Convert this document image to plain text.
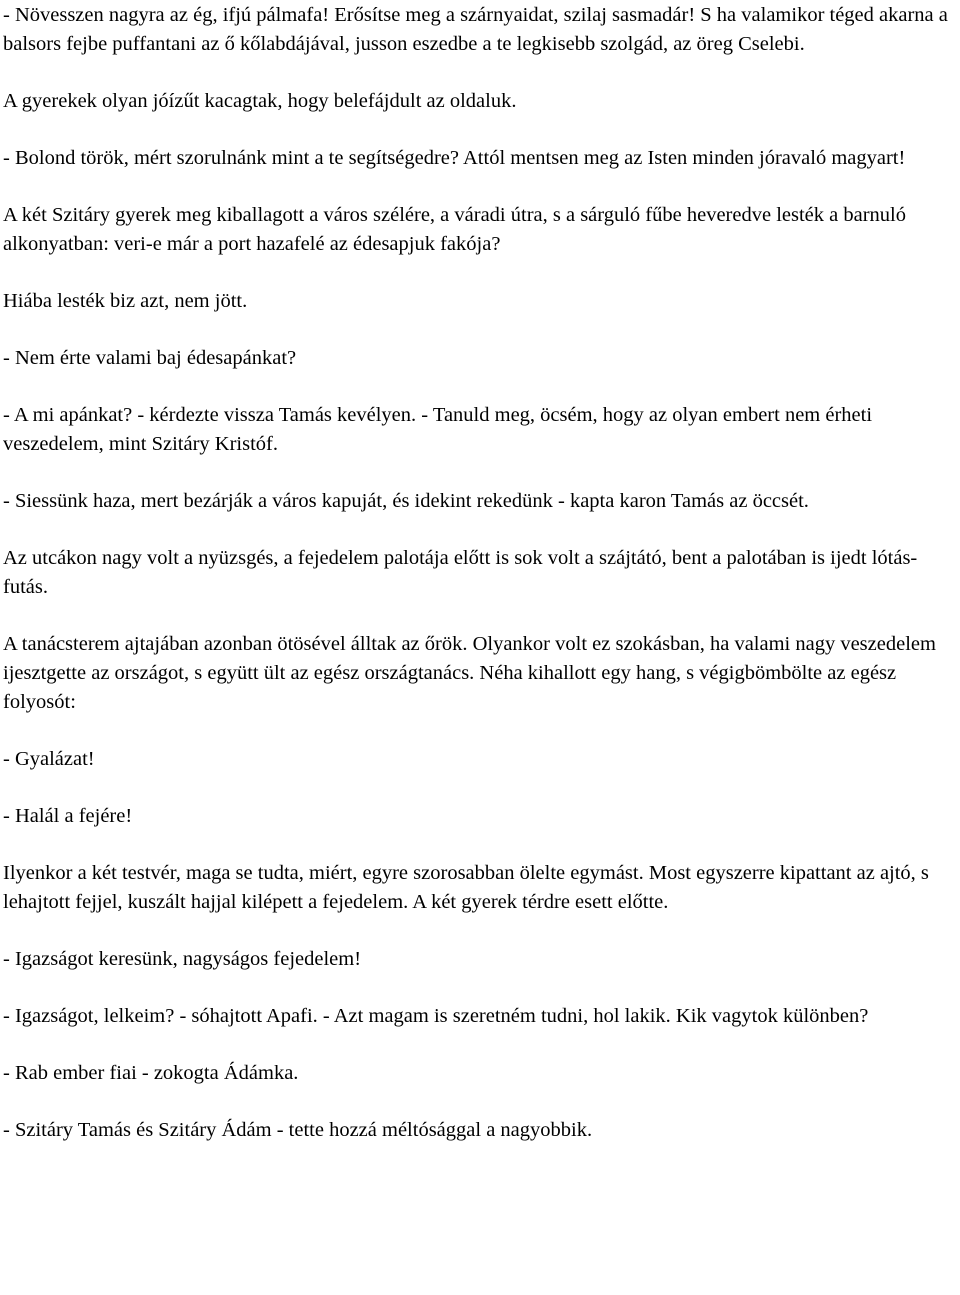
- Növesszen nagyra az ég, ifjú pálmafa! Erősítse meg a szárnyaidat, szilaj sasmadár! S ha valamikor téged akarna a balsors fejbe puffantani az ő kőlabdájával, jusson eszedbe a te legkisebb szolgád, az öreg Cselebi.

A gyerekek olyan jóízűt kacagtak, hogy belefájdult az oldaluk.

- Bolond török, mért szorulnánk mint a te segítségedre? Attól mentsen meg az Isten minden jóravaló magyart!

A két Szitáry gyerek meg kiballagott a város szélére, a váradi útra, s a sárguló fűbe heveredve lesték a barnuló alkonyatban: veri-e már a port hazafelé az édesapjuk fakója?

Hiába lesték biz azt, nem jött.

- Nem érte valami baj édesapánkat?

- A mi apánkat? - kérdezte vissza Tamás kevélyen. - Tanuld meg, öcsém, hogy az olyan embert nem érheti veszedelem, mint Szitáry Kristóf.

- Siessünk haza, mert bezárják a város kapuját, és idekint rekedünk - kapta karon Tamás az öccsét.

Az utcákon nagy volt a nyüzsgés, a fejedelem palotája előtt is sok volt a szájtátó, bent a palotában is ijedt lótás-futás.

A tanácsterem ajtajában azonban ötösével álltak az őrök. Olyankor volt ez szokásban, ha valami nagy veszedelem ijesztgette az országot, s együtt ült az egész országtanács. Néha kihallott egy hang, s végigbömbölte az egész folyosót:

- Gyalázat!

- Halál a fejére!

Ilyenkor a két testvér, maga se tudta, miért, egyre szorosabban ölelte egymást. Most egyszerre kipattant az ajtó, s lehajtott fejjel, kuszált hajjal kilépett a fejedelem. A két gyerek térdre esett előtte.

- Igazságot keresünk, nagyságos fejedelem!

- Igazságot, lelkeim? - sóhajtott Apafi. - Azt magam is szeretném tudni, hol lakik. Kik vagytok különben?

- Rab ember fiai - zokogta Ádámka.

- Szitáry Tamás és Szitáry Ádám - tette hozzá méltósággal a nagyobbik.
